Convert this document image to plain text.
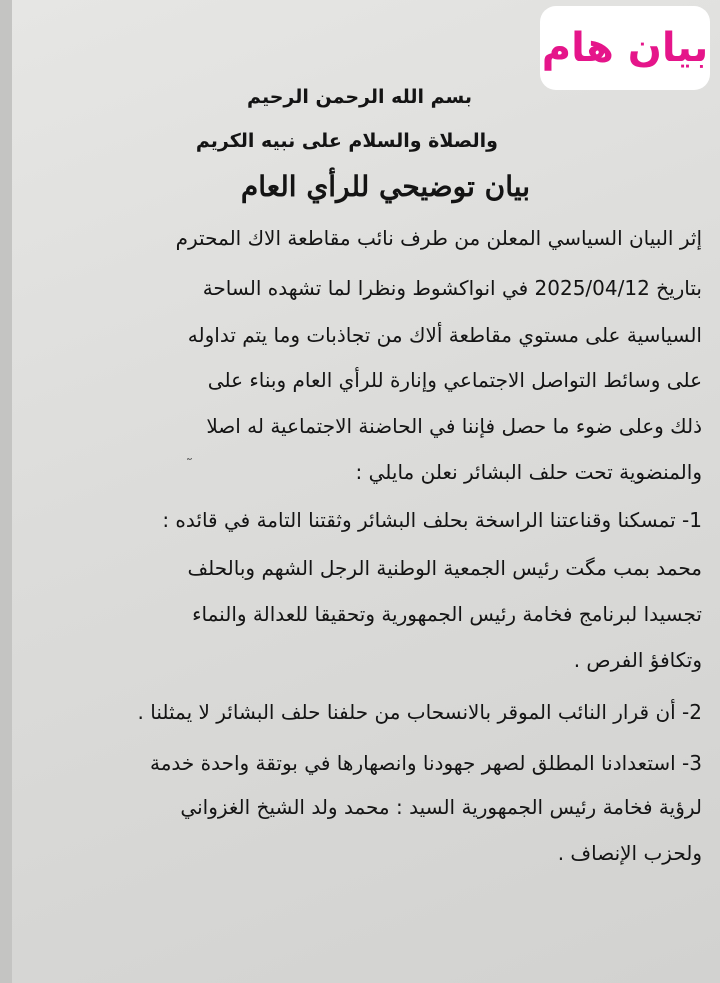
بسم الله الرحمن الرحيم
والصلاة والسلام على نبيه الكريم
بيان توضيحي للرأي العام
إثر البيان السياسي المعلن من طرف نائب مقاطعة الاك المحترم
بتاريخ 2025/04/12 في انواكشوط ونظرا لما تشهده الساحة
السياسية على مستوي مقاطعة ألاك من تجاذبات وما يتم تداوله
على وسائط التواصل الاجتماعي وإنارة للرأي العام وبناء على
ذلك وعلى ضوء ما حصل فإننا في الحاضنة الاجتماعية له اصلا
والمنضوية تحت حلف البشائر نعلن مايلي :
1- تمسكنا وقناعتنا الراسخة بحلف البشائر وثقتنا التامة في قائده :
محمد بمب مگت رئيس الجمعية الوطنية الرجل الشهم وبالحلف
تجسيدا لبرنامج فخامة رئيس الجمهورية وتحقيقا للعدالة والنماء
وتكافؤ الفرص .
2- أن قرار النائب الموقر بالانسحاب من حلفنا حلف البشائر لا يمثلنا .
3- استعدادنا المطلق لصهر جهودنا وانصهارها في بوتقة واحدة خدمة
لرؤية فخامة رئيس الجمهورية السيد : محمد ولد الشيخ الغزواني
ولحزب الإنصاف .
بيان هام
